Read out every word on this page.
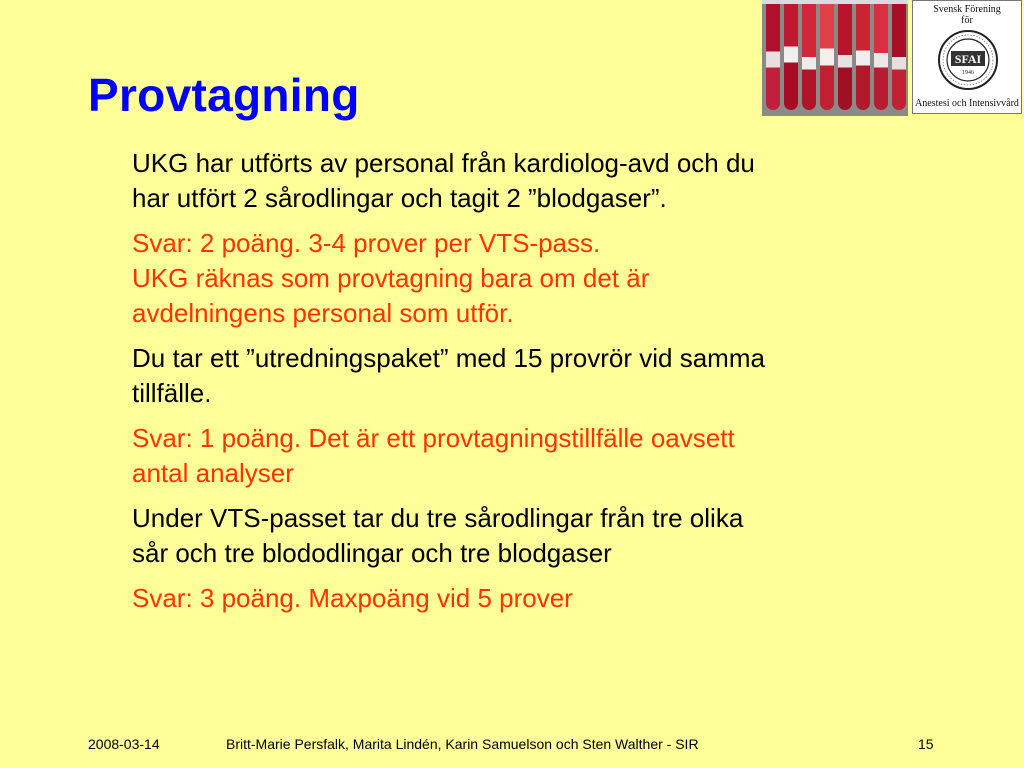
Provtagning
Svensk Förening
för
SFAI
1946
Anestesi och Intensivvård

UKG har utförts av personal från kardiolog-avd och du
har utfört 2 sårodlingar och tagit 2 ”blodgaser”.

Svar: 2 poäng. 3-4 prover per VTS-pass.
UKG räknas som provtagning bara om det är
avdelningens personal som utför.

Du tar ett ”utredningspaket” med 15 provrör vid samma
tillfälle.

Svar: 1 poäng. Det är ett provtagningstillfälle oavsett
antal analyser

Under VTS-passet tar du tre sårodlingar från tre olika
sår och tre blododlingar och tre blodgaser

Svar: 3 poäng. Maxpoäng vid 5 prover

2008-03-14	Britt-Marie Persfalk, Marita Lindén, Karin Samuelson och Sten Walther - SIR	15
